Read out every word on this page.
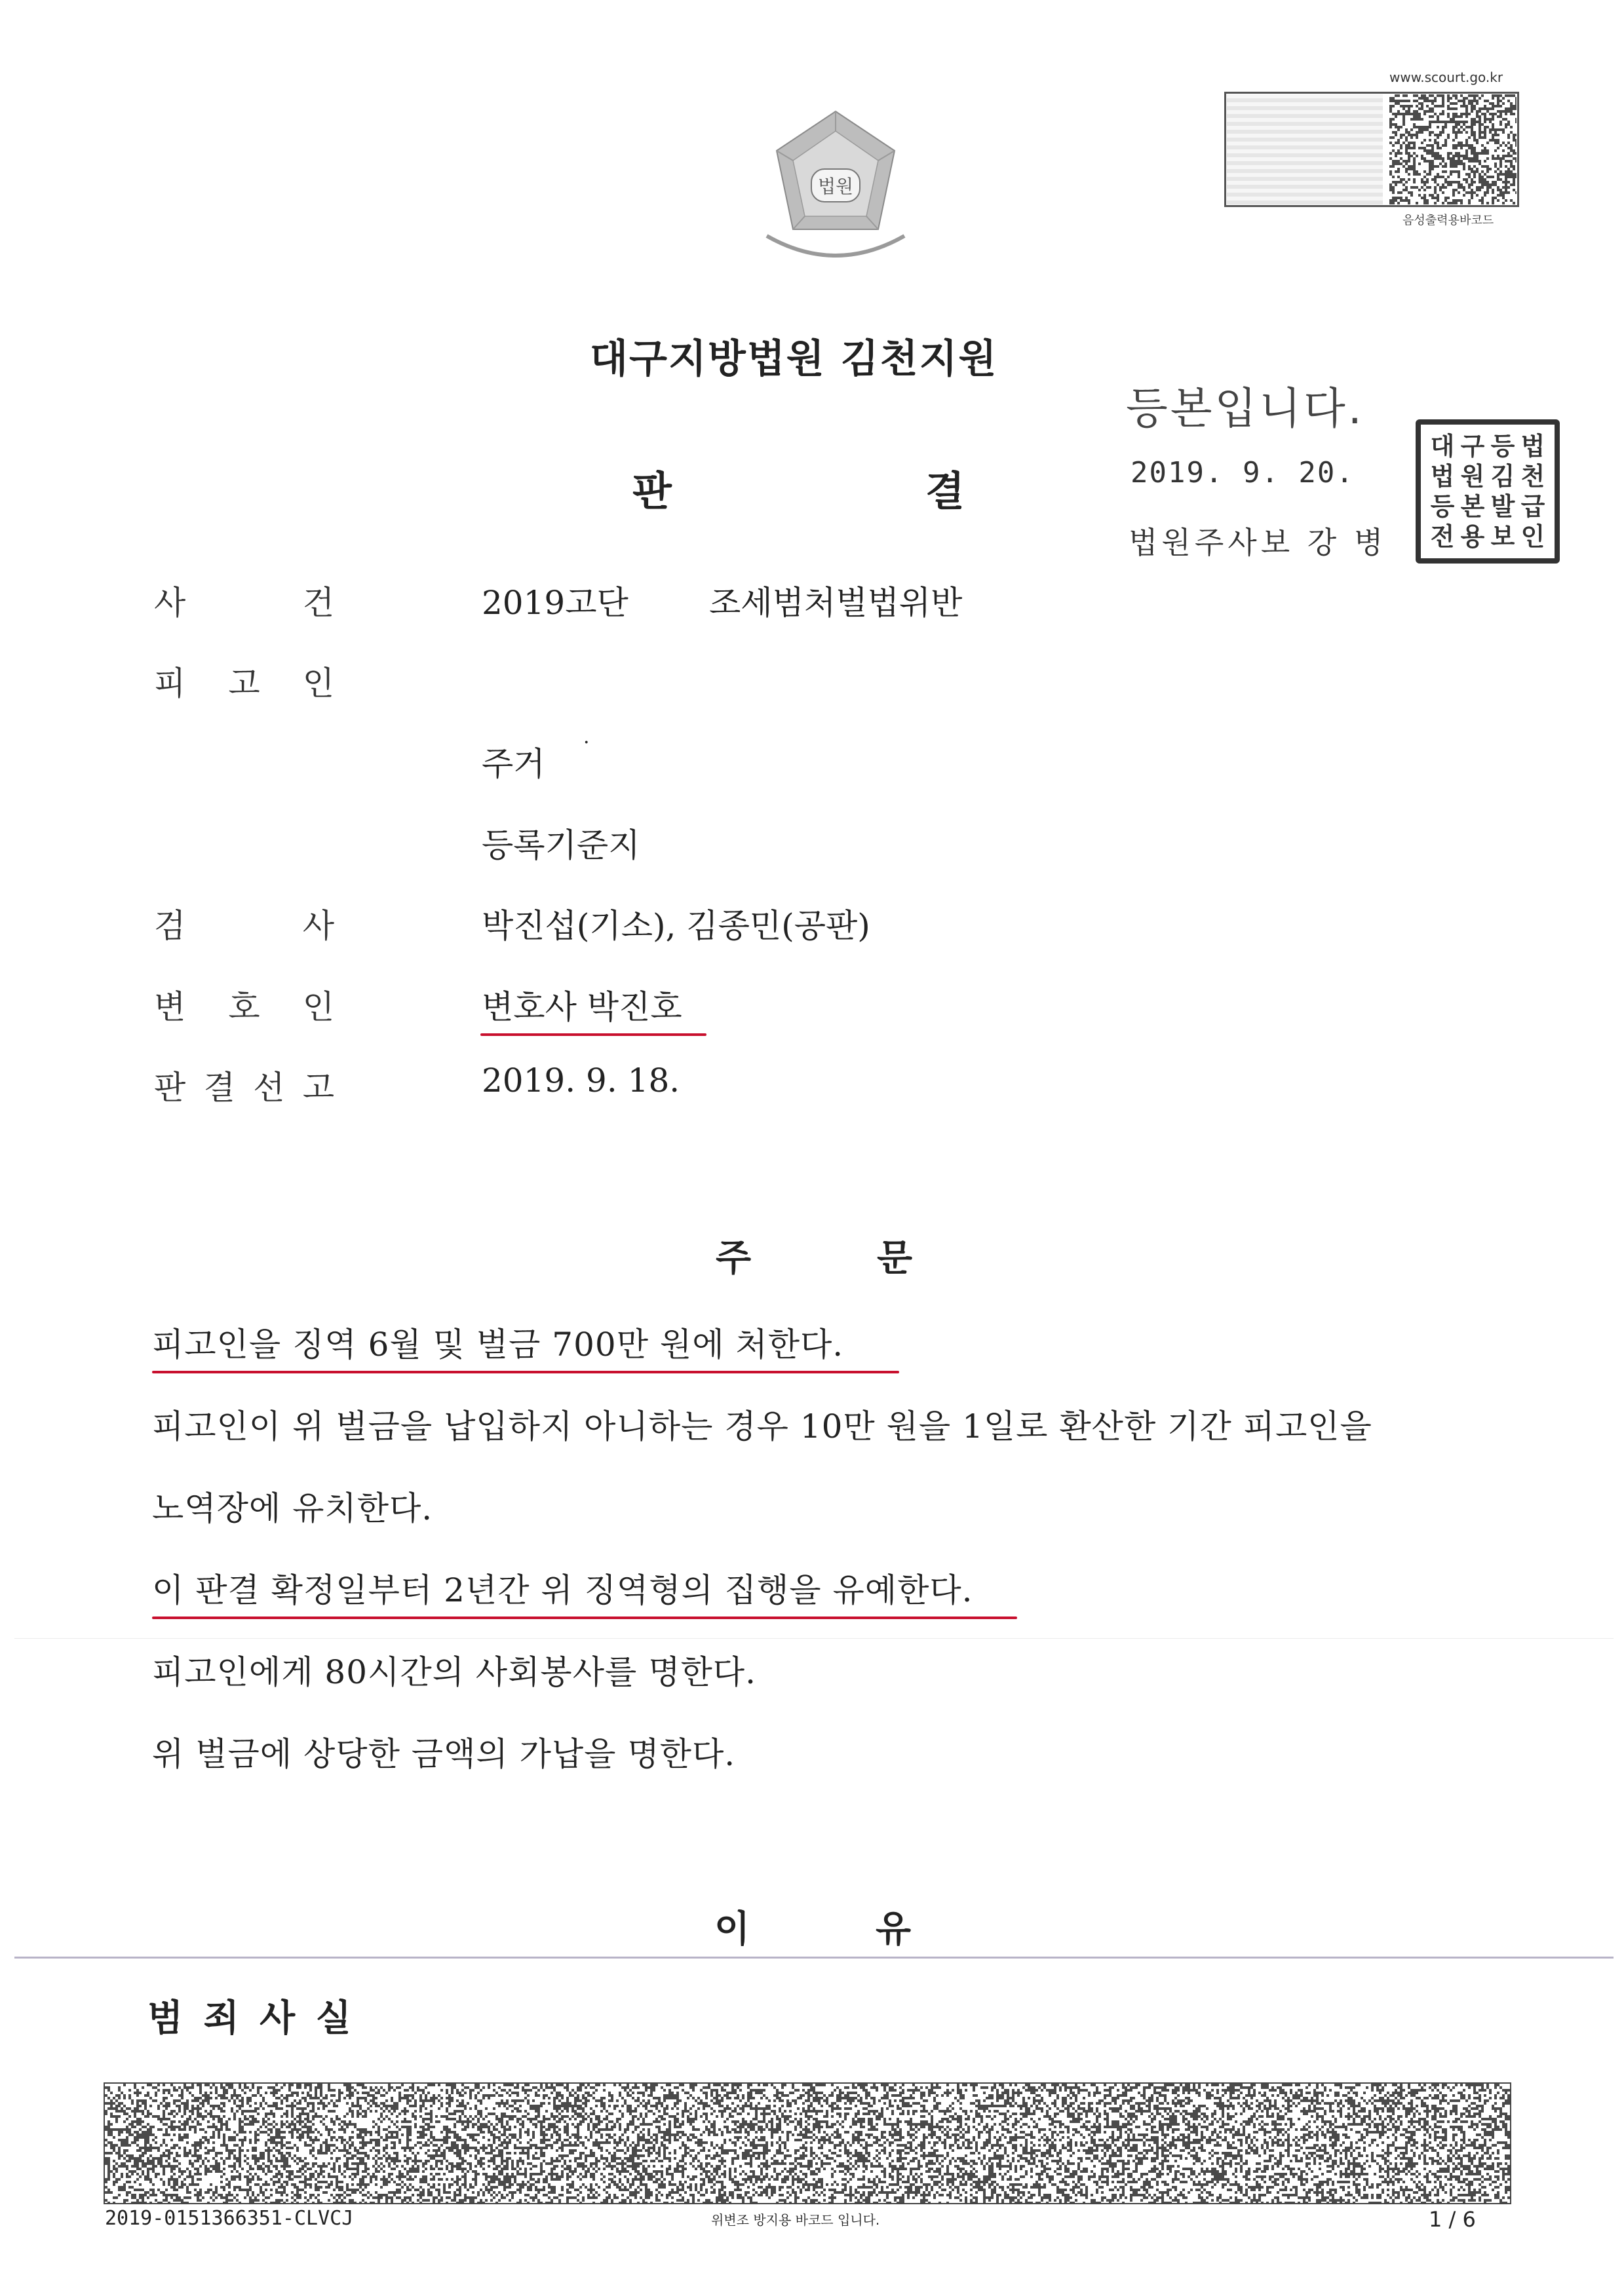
법원
www.scourt.go.kr
음성출력용바코드
대구지방법원 김천지원
판	결
등본입니다.
2019. 9. 20.
법원주사보 강 병
대 구 등 법
법 원 김 천
등 본 발 급
전 용 보 인
사	건	2019고단 조세범처벌법위반
피 고 인
주거
·
등록기준지
검	사	박진섭(기소), 김종민(공판)
변 호 인	변호사 박진호
판 결 선 고	2019. 9. 18.
주	문
피고인을 징역 6월 및 벌금 700만 원에 처한다.
피고인이 위 벌금을 납입하지 아니하는 경우 10만 원을 1일로 환산한 기간 피고인을
노역장에 유치한다.
이 판결 확정일부터 2년간 위 징역형의 집행을 유예한다.
피고인에게 80시간의 사회봉사를 명한다.
위 벌금에 상당한 금액의 가납을 명한다.
이	유
범 죄 사 실
2019-0151366351-CLVCJ	위변조 방지용 바코드 입니다.	1 / 6
